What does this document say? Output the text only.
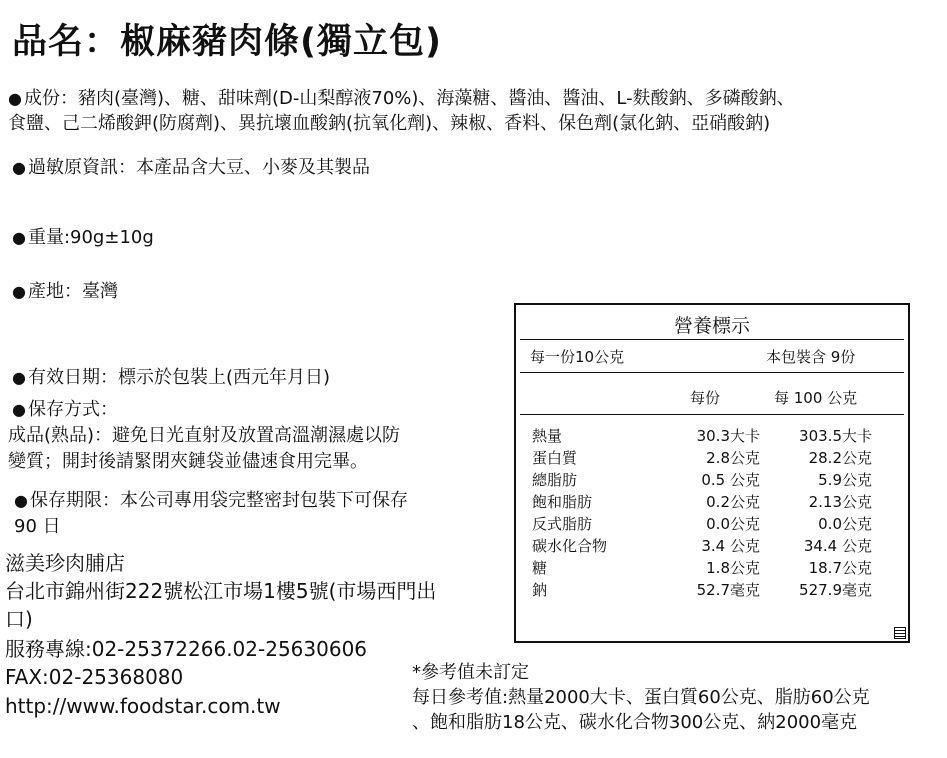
品名：椒麻豬肉條(獨立包)
● 成份：豬肉(臺灣)、糖、甜味劑(D-山梨醇液70%)、海藻糖、醬油、醬油、L-麩酸鈉、多磷酸鈉、
食鹽、己二烯酸鉀(防腐劑)、異抗壞血酸鈉(抗氧化劑)、辣椒、香料、保色劑(氯化鈉、亞硝酸鈉)
● 過敏原資訊：本產品含大豆、小麥及其製品
● 重量:90g±10g
● 產地：臺灣
● 有效日期：標示於包裝上(西元年月日)
● 保存方式：
成品(熟品)：避免日光直射及放置高溫潮濕處以防
變質；開封後請緊閉夾鏈袋並儘速食用完畢。
● 保存期限：本公司專用袋完整密封包裝下可保存
90 日
滋美珍肉脯店
台北市錦州街222號松江市場1樓5號(市場西門出
口)
服務專線:02-25372266.02-25630606
FAX:02-25368080
http://www.foodstar.com.tw
營養標示
每一份10公克	本包裝含 9份
每份	每 100 公克
熱量	30.3大卡	303.5大卡
蛋白質	2.8公克	28.2公克
總脂肪	0.5 公克	5.9公克
飽和脂肪	0.2公克	2.13公克
反式脂肪	0.0公克	0.0公克
碳水化合物	3.4 公克	34.4 公克
糖	1.8公克	18.7公克
鈉	52.7毫克	527.9毫克
*參考值未訂定
每日參考值:熱量2000大卡、蛋白質60公克、脂肪60公克
、飽和脂肪18公克、碳水化合物300公克、納2000毫克
